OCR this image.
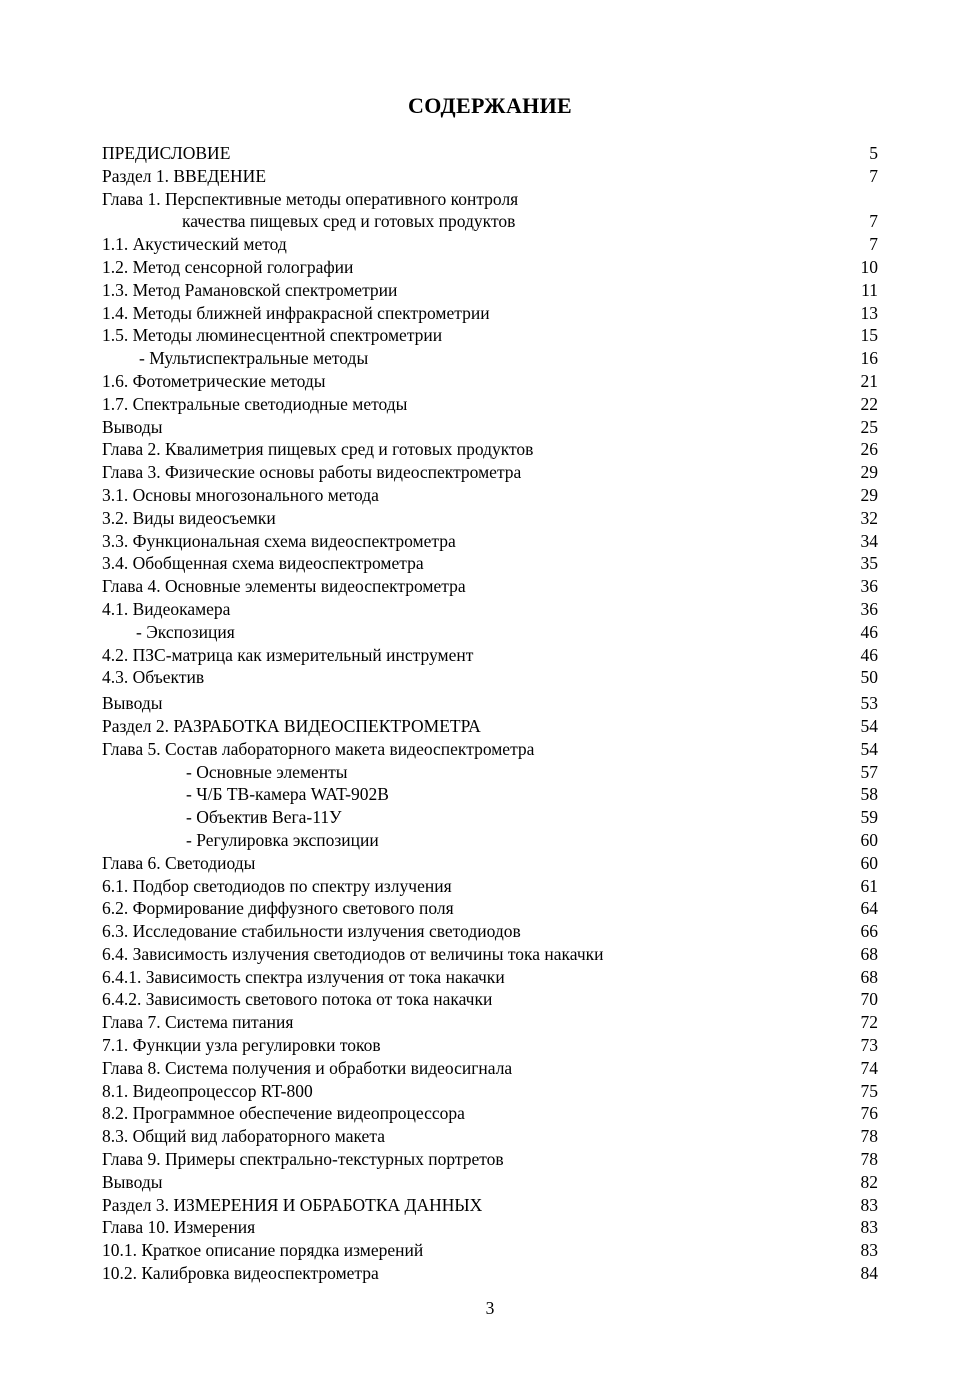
СОДЕРЖАНИЕ
ПРЕДИСЛОВИЕ	5
Раздел 1. ВВЕДЕНИЕ	7
Глава 1. Перспективные методы оперативного контроля
качества пищевых сред и готовых продуктов	7
1.1. Акустический метод	7
1.2. Метод сенсорной голографии	10
1.3. Метод Рамановской спектрометрии	11
1.4. Методы ближней инфракрасной спектрометрии	13
1.5. Методы люминесцентной спектрометрии	15
- Мультиспектральные методы	16
1.6. Фотометрические методы	21
1.7. Спектральные светодиодные методы	22
Выводы	25
Глава 2. Квалиметрия пищевых сред и готовых продуктов	26
Глава 3. Физические основы работы видеоспектрометра	29
3.1. Основы многозонального метода	29
3.2. Виды видеосъемки	32
3.3. Функциональная схема видеоспектрометра	34
3.4. Обобщенная схема видеоспектрометра	35
Глава 4. Основные элементы видеоспектрометра	36
4.1. Видеокамера	36
- Экспозиция	46
4.2. ПЗС-матрица как измерительный инструмент	46
4.3. Объектив	50
Выводы	53
Раздел 2. РАЗРАБОТКА ВИДЕОСПЕКТРОМЕТРА	54
Глава 5. Состав лабораторного макета видеоспектрометра	54
- Основные элементы	57
- Ч/Б ТВ-камера WAT-902B	58
- Объектив Вега-11У	59
- Регулировка экспозиции	60
Глава 6. Светодиоды	60
6.1. Подбор светодиодов по спектру излучения	61
6.2. Формирование диффузного светового поля	64
6.3. Исследование стабильности излучения светодиодов	66
6.4. Зависимость излучения светодиодов от величины тока накачки	68
6.4.1. Зависимость спектра излучения от тока накачки	68
6.4.2. Зависимость светового потока от тока накачки	70
Глава 7. Система питания	72
7.1. Функции узла регулировки токов	73
Глава 8. Система получения и обработки видеосигнала	74
8.1. Видеопроцессор RT-800	75
8.2. Программное обеспечение видеопроцессора	76
8.3. Общий вид лабораторного макета	78
Глава 9. Примеры спектрально-текстурных портретов	78
Выводы	82
Раздел 3. ИЗМЕРЕНИЯ И ОБРАБОТКА ДАННЫХ	83
Глава 10. Измерения	83
10.1. Краткое описание порядка измерений	83
10.2. Калибровка видеоспектрометра	84
3
